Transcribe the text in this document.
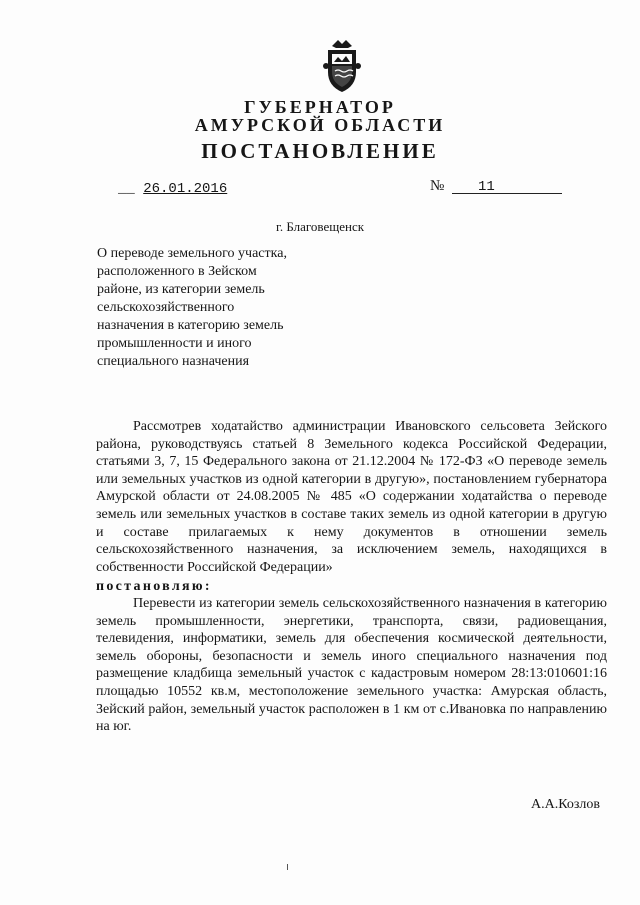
ГУБЕРНАТОР
АМУРСКОЙ ОБЛАСТИ
ПОСТАНОВЛЕНИЕ
__ 26.01.2016	№ 11
г. Благовещенск

О переводе земельного участка,
расположенного в Зейском
районе, из категории земель
сельскохозяйственного
назначения в категорию земель
промышленности и иного
специального назначения

Рассмотрев ходатайство администрации Ивановского сельсовета Зейского района, руководствуясь статьей 8 Земельного кодекса Российской Федерации, статьями 3, 7, 15 Федерального закона от 21.12.2004 № 172-ФЗ «О переводе земель или земельных участков из одной категории в другую», постановлением губернатора Амурской области от 24.08.2005 № 485 «О содержании ходатайства о переводе земель или земельных участков в составе таких земель из одной категории в другую и составе прилагаемых к нему документов в отношении земель сельскохозяйственного назначения, за исключением земель, находящихся в собственности Российской Федерации»

постановляю:

Перевести из категории земель сельскохозяйственного назначения в категорию земель промышленности, энергетики, транспорта, связи, радиовещания, телевидения, информатики, земель для обеспечения космической деятельности, земель обороны, безопасности и земель иного специального назначения под размещение кладбища земельный участок с кадастровым номером 28:13:010601:16 площадью 10552 кв.м, местоположение земельного участка: Амурская область, Зейский район, земельный участок расположен в 1 км от с.Ивановка по направлению на юг.

А.А.Козлов
